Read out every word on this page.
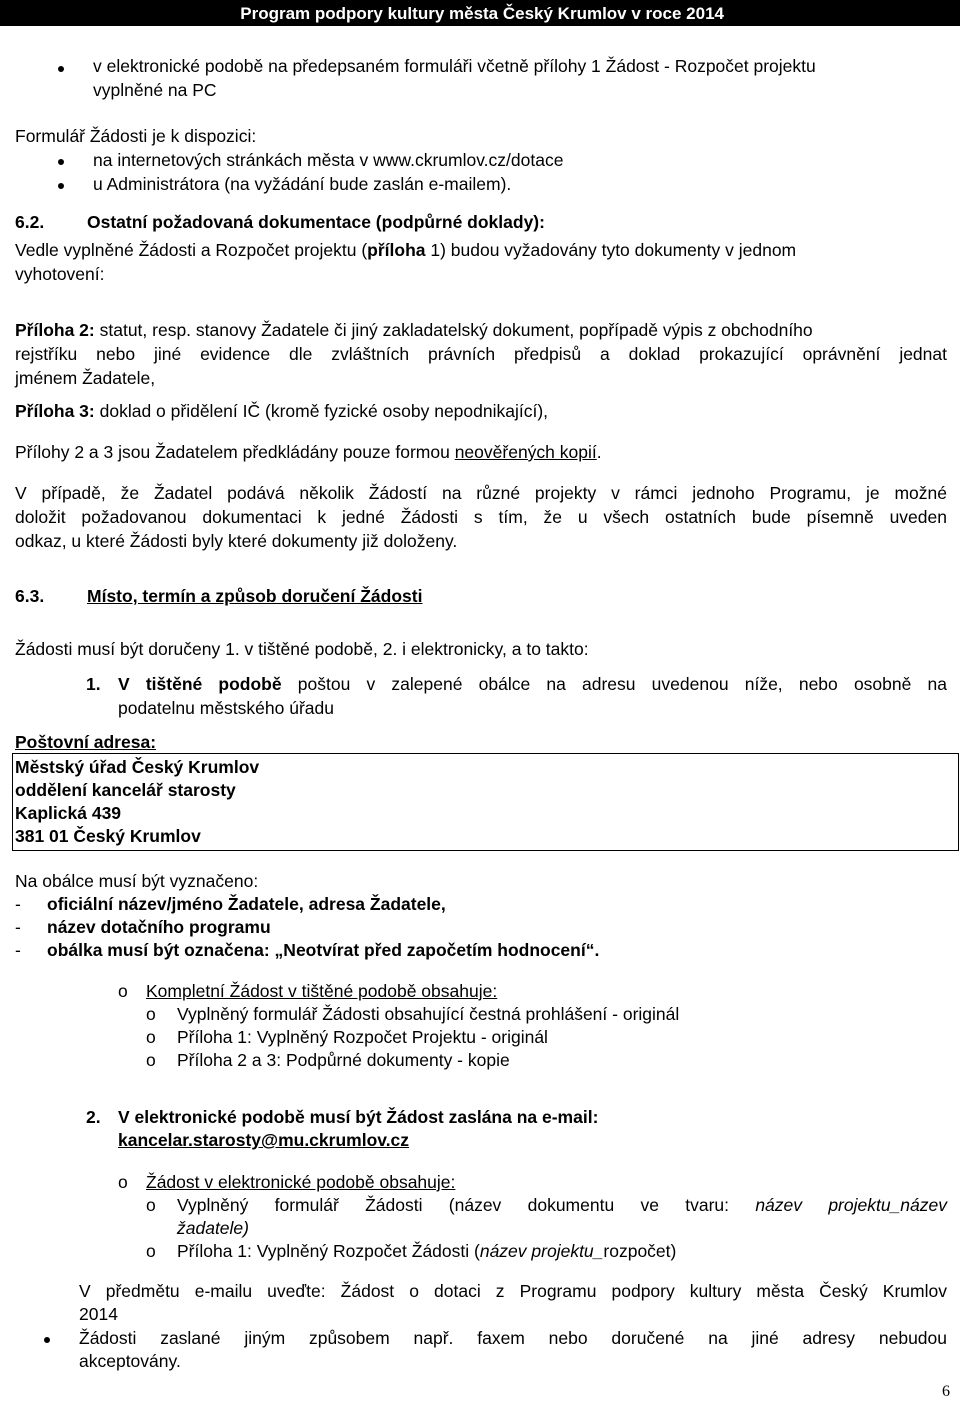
Program podpory kultury města Český Krumlov v roce 2014
v elektronické podobě na předepsaném formuláři včetně přílohy 1 Žádost - Rozpočet projektu
vyplněné na PC
Formulář Žádosti je k dispozici:
na internetových stránkách města v www.ckrumlov.cz/dotace
u Administrátora (na vyžádání bude zaslán e-mailem).
6.2. Ostatní požadovaná dokumentace (podpůrné doklady):
Vedle vyplněné Žádosti a Rozpočet projektu (příloha 1) budou vyžadovány tyto dokumenty v jednom
vyhotovení:
Příloha 2: statut, resp. stanovy Žadatele či jiný zakladatelský dokument, popřípadě výpis z obchodního
rejstříku nebo jiné evidence dle zvláštních právních předpisů a doklad prokazující oprávnění jednat
jménem Žadatele,
Příloha 3: doklad o přidělení IČ (kromě fyzické osoby nepodnikající),
Přílohy 2 a 3 jsou Žadatelem předkládány pouze formou neověřených kopií.
V případě, že Žadatel podává několik Žádostí na různé projekty v rámci jednoho Programu, je možné
doložit požadovanou dokumentaci k jedné Žádosti s tím, že u všech ostatních bude písemně uveden
odkaz, u které Žádosti byly které dokumenty již doloženy.
6.3. Místo, termín a způsob doručení Žádosti
Žádosti musí být doručeny 1. v tištěné podobě, 2. i elektronicky, a to takto:
1. V tištěné podobě poštou v zalepené obálce na adresu uvedenou níže, nebo osobně na
podatelnu městského úřadu
Poštovní adresa:
Městský úřad Český Krumlov
oddělení kancelář starosty
Kaplická 439
381 01 Český Krumlov
Na obálce musí být vyznačeno:
- oficiální název/jméno Žadatele, adresa Žadatele,
- název dotačního programu
- obálka musí být označena: „Neotvírat před započetím hodnocení“.
o Kompletní Žádost v tištěné podobě obsahuje:
o Vyplněný formulář Žádosti obsahující čestná prohlášení - originál
o Příloha 1: Vyplněný Rozpočet Projektu - originál
o Příloha 2 a 3: Podpůrné dokumenty - kopie
2. V elektronické podobě musí být Žádost zaslána na e-mail:
kancelar.starosty@mu.ckrumlov.cz
o Žádost v elektronické podobě obsahuje:
o Vyplněný formulář Žádosti (název dokumentu ve tvaru: název projektu_název
žadatele)
o Příloha 1: Vyplněný Rozpočet Žádosti (název projektu_rozpočet)
V předmětu e-mailu uveďte: Žádost o dotaci z Programu podpory kultury města Český Krumlov
2014
Žádosti zaslané jiným způsobem např. faxem nebo doručené na jiné adresy nebudou
akceptovány.
6
